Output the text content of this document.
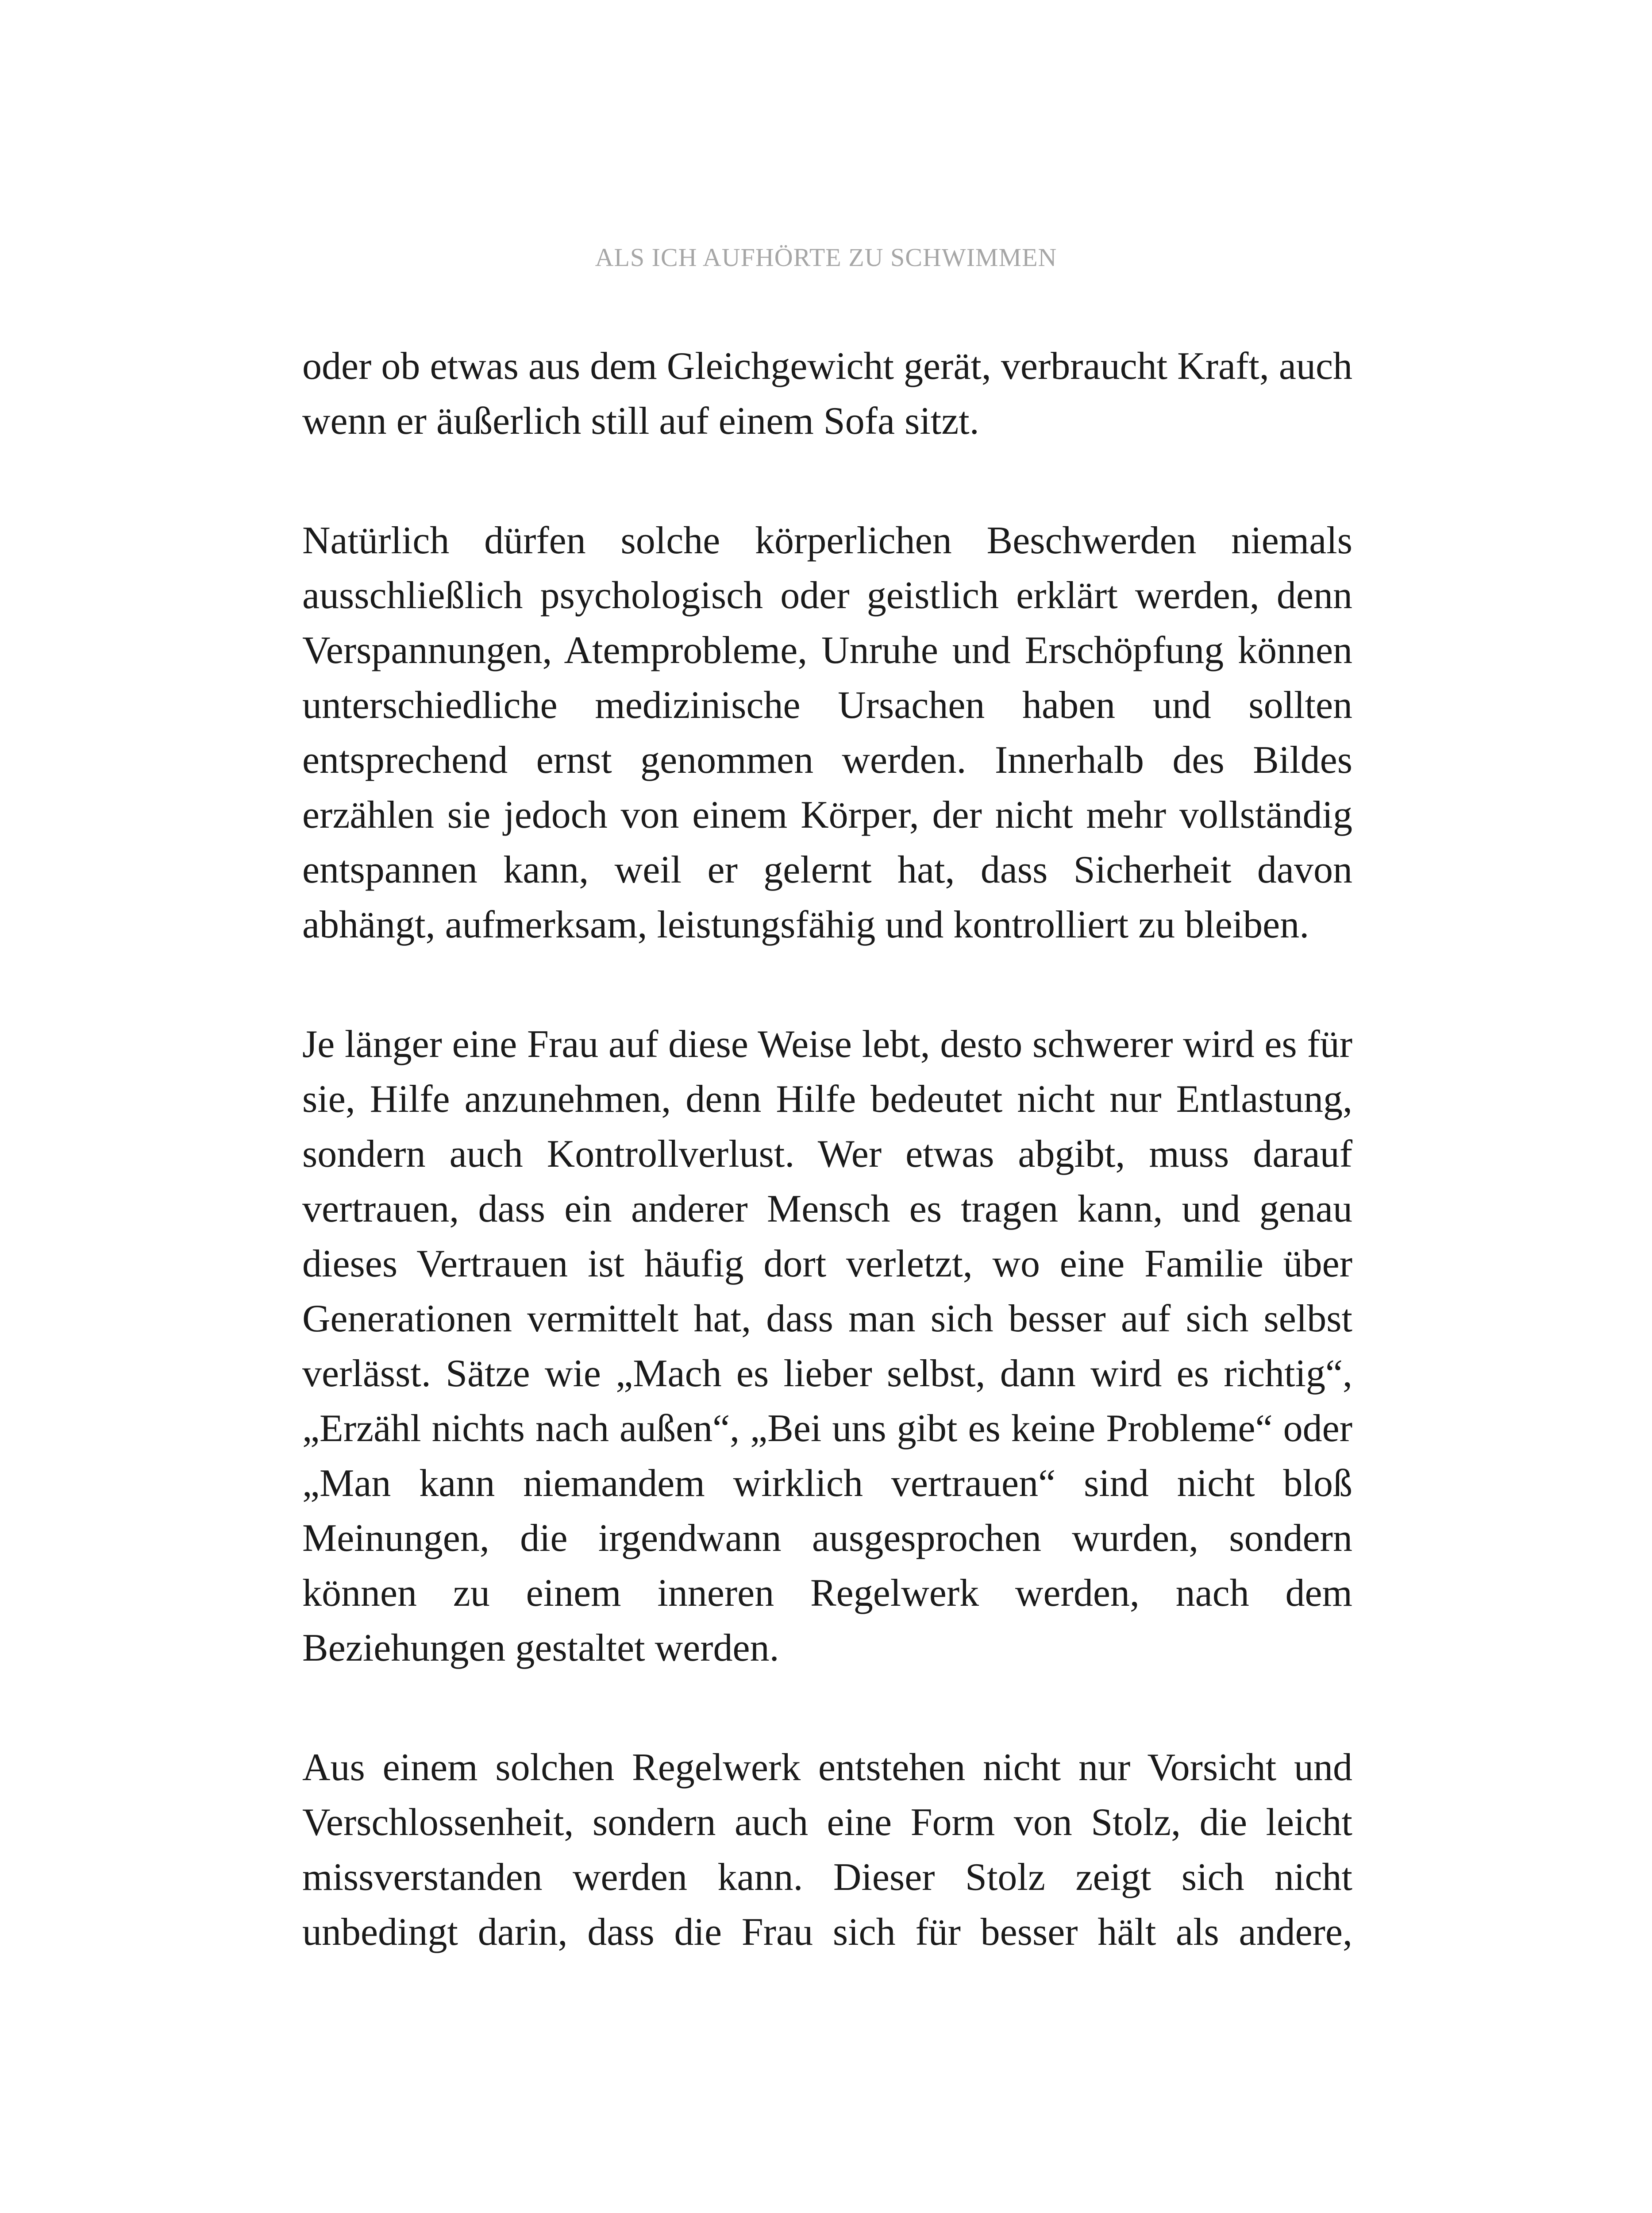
ALS ICH AUFHÖRTE ZU SCHWIMMEN

oder ob etwas aus dem Gleichgewicht gerät, verbraucht Kraft, auch wenn er äußerlich still auf einem Sofa sitzt.

Natürlich dürfen solche körperlichen Beschwerden niemals ausschließlich psychologisch oder geistlich erklärt werden, denn Verspannungen, Atemprobleme, Unruhe und Erschöpfung können unterschiedliche medizinische Ursachen haben und sollten entsprechend ernst genommen werden. Innerhalb des Bildes erzählen sie jedoch von einem Körper, der nicht mehr vollständig entspannen kann, weil er gelernt hat, dass Sicherheit davon abhängt, aufmerksam, leistungsfähig und kontrolliert zu bleiben.

Je länger eine Frau auf diese Weise lebt, desto schwerer wird es für sie, Hilfe anzunehmen, denn Hilfe bedeutet nicht nur Entlastung, sondern auch Kontrollverlust. Wer etwas abgibt, muss darauf vertrauen, dass ein anderer Mensch es tragen kann, und genau dieses Vertrauen ist häufig dort verletzt, wo eine Familie über Generationen vermittelt hat, dass man sich besser auf sich selbst verlässt. Sätze wie „Mach es lieber selbst, dann wird es richtig“, „Erzähl nichts nach außen“, „Bei uns gibt es keine Probleme“ oder „Man kann niemandem wirklich vertrauen“ sind nicht bloß Meinungen, die irgendwann ausgesprochen wurden, sondern können zu einem inneren Regelwerk werden, nach dem Beziehungen gestaltet werden.

Aus einem solchen Regelwerk entstehen nicht nur Vorsicht und Verschlossenheit, sondern auch eine Form von Stolz, die leicht missverstanden werden kann. Dieser Stolz zeigt sich nicht unbedingt darin, dass die Frau sich für besser hält als andere,
